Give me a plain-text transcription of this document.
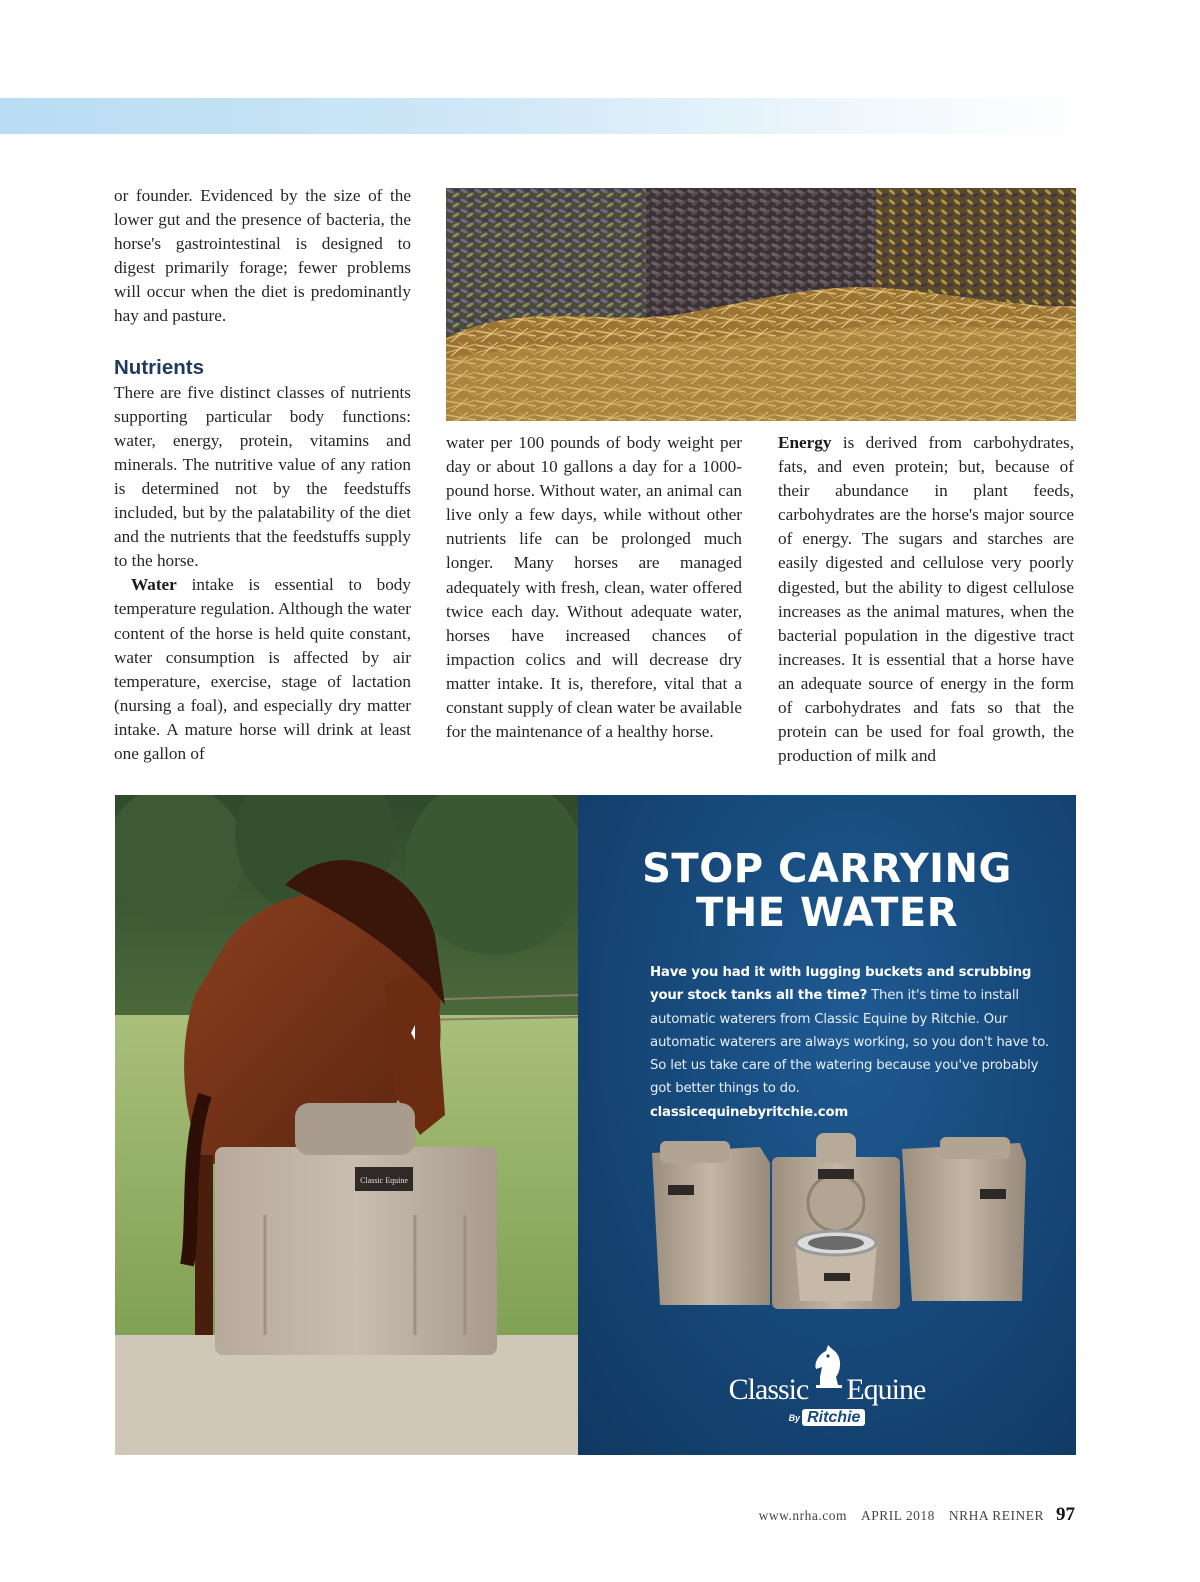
or founder. Evidenced by the size of the lower gut and the presence of bacteria, the horse's gastrointestinal is designed to digest primarily forage; fewer problems will occur when the diet is predominantly hay and pasture.

Nutrients

There are five distinct classes of nutrients supporting particular body functions: water, energy, protein, vitamins and minerals. The nutritive value of any ration is determined not by the feedstuffs included, but by the palatability of the diet and the nutrients that the feedstuffs supply to the horse.

Water intake is essential to body temperature regulation. Although the water content of the horse is held quite constant, water consumption is affected by air temperature, exercise, stage of lactation (nursing a foal), and especially dry matter intake. A mature horse will drink at least one gallon of

water per 100 pounds of body weight per day or about 10 gallons a day for a 1000-pound horse. Without water, an animal can live only a few days, while without other nutrients life can be prolonged much longer. Many horses are managed adequately with fresh, clean, water offered twice each day. Without adequate water, horses have increased chances of impaction colics and will decrease dry matter intake. It is, therefore, vital that a constant supply of clean water be available for the maintenance of a healthy horse.

Energy is derived from carbohydrates, fats, and even protein; but, because of their abundance in plant feeds, carbohydrates are the horse's major source of energy. The sugars and starches are easily digested and cellulose very poorly digested, but the ability to digest cellulose increases as the animal matures, when the bacterial population in the digestive tract increases. It is essential that a horse have an adequate source of energy in the form of carbohydrates and fats so that the protein can be used for foal growth, the production of milk and

Classic Equine
STOP CARRYING
THE WATER
Have you had it with lugging buckets and scrubbing your stock tanks all the time? Then it's time to install automatic waterers from Classic Equine by Ritchie. Our automatic waterers are always working, so you don't have to. So let us take care of the watering because you've probably got better things to do.
classicequinebyritchie.com
Classic Equine
By Ritchie
www.nrha.com APRIL 2018 NRHA REINER 97
